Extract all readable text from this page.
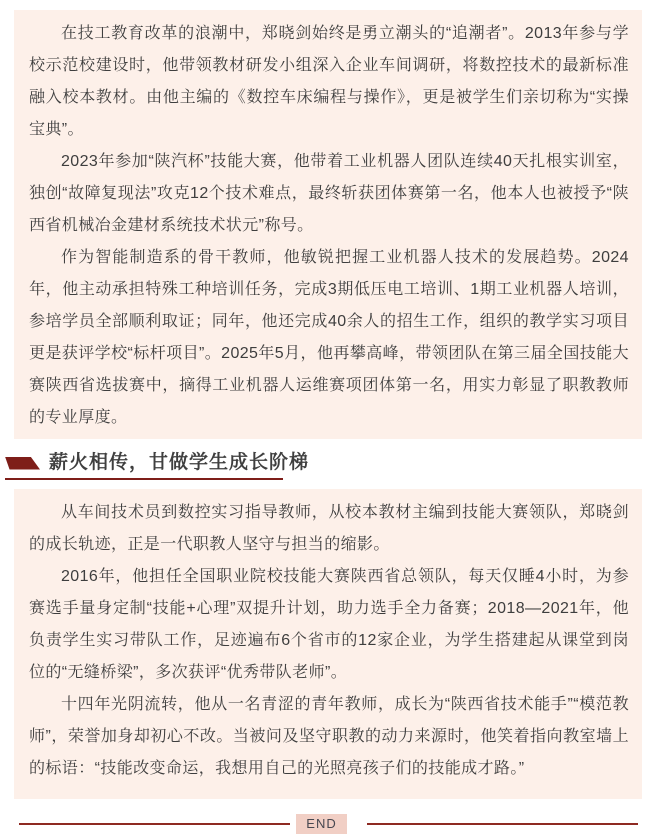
在技工教育改革的浪潮中，郑晓剑始终是勇立潮头的“追潮者”。2013年参与学校示范校建设时，他带领教材研发小组深入企业车间调研，将数控技术的最新标准融入校本教材。由他主编的《数控车床编程与操作》，更是被学生们亲切称为“实操宝典”。

2023年参加“陕汽杯”技能大赛，他带着工业机器人团队连续40天扎根实训室，独创“故障复现法”攻克12个技术难点，最终斩获团体赛第一名，他本人也被授予“陕西省机械冶金建材系统技术状元”称号。

作为智能制造系的骨干教师，他敏锐把握工业机器人技术的发展趋势。2024年，他主动承担特殊工种培训任务，完成3期低压电工培训、1期工业机器人培训，参培学员全部顺利取证；同年，他还完成40余人的招生工作，组织的教学实习项目更是获评学校“标杆项目”。2025年5月，他再攀高峰，带领团队在第三届全国技能大赛陕西省选拔赛中，摘得工业机器人运维赛项团体第一名，用实力彰显了职教教师的专业厚度。

薪火相传，甘做学生成长阶梯

从车间技术员到数控实习指导教师，从校本教材主编到技能大赛领队，郑晓剑的成长轨迹，正是一代职教人坚守与担当的缩影。

2016年，他担任全国职业院校技能大赛陕西省总领队，每天仅睡4小时，为参赛选手量身定制“技能+心理”双提升计划，助力选手全力备赛；2018—2021年，他负责学生实习带队工作，足迹遍布6个省市的12家企业，为学生搭建起从课堂到岗位的“无缝桥梁”，多次获评“优秀带队老师”。

十四年光阴流转，他从一名青涩的青年教师，成长为“陕西省技术能手”“模范教师”，荣誉加身却初心不改。当被问及坚守职教的动力来源时，他笑着指向教室墙上的标语：“技能改变命运，我想用自己的光照亮孩子们的技能成才路。”

END
